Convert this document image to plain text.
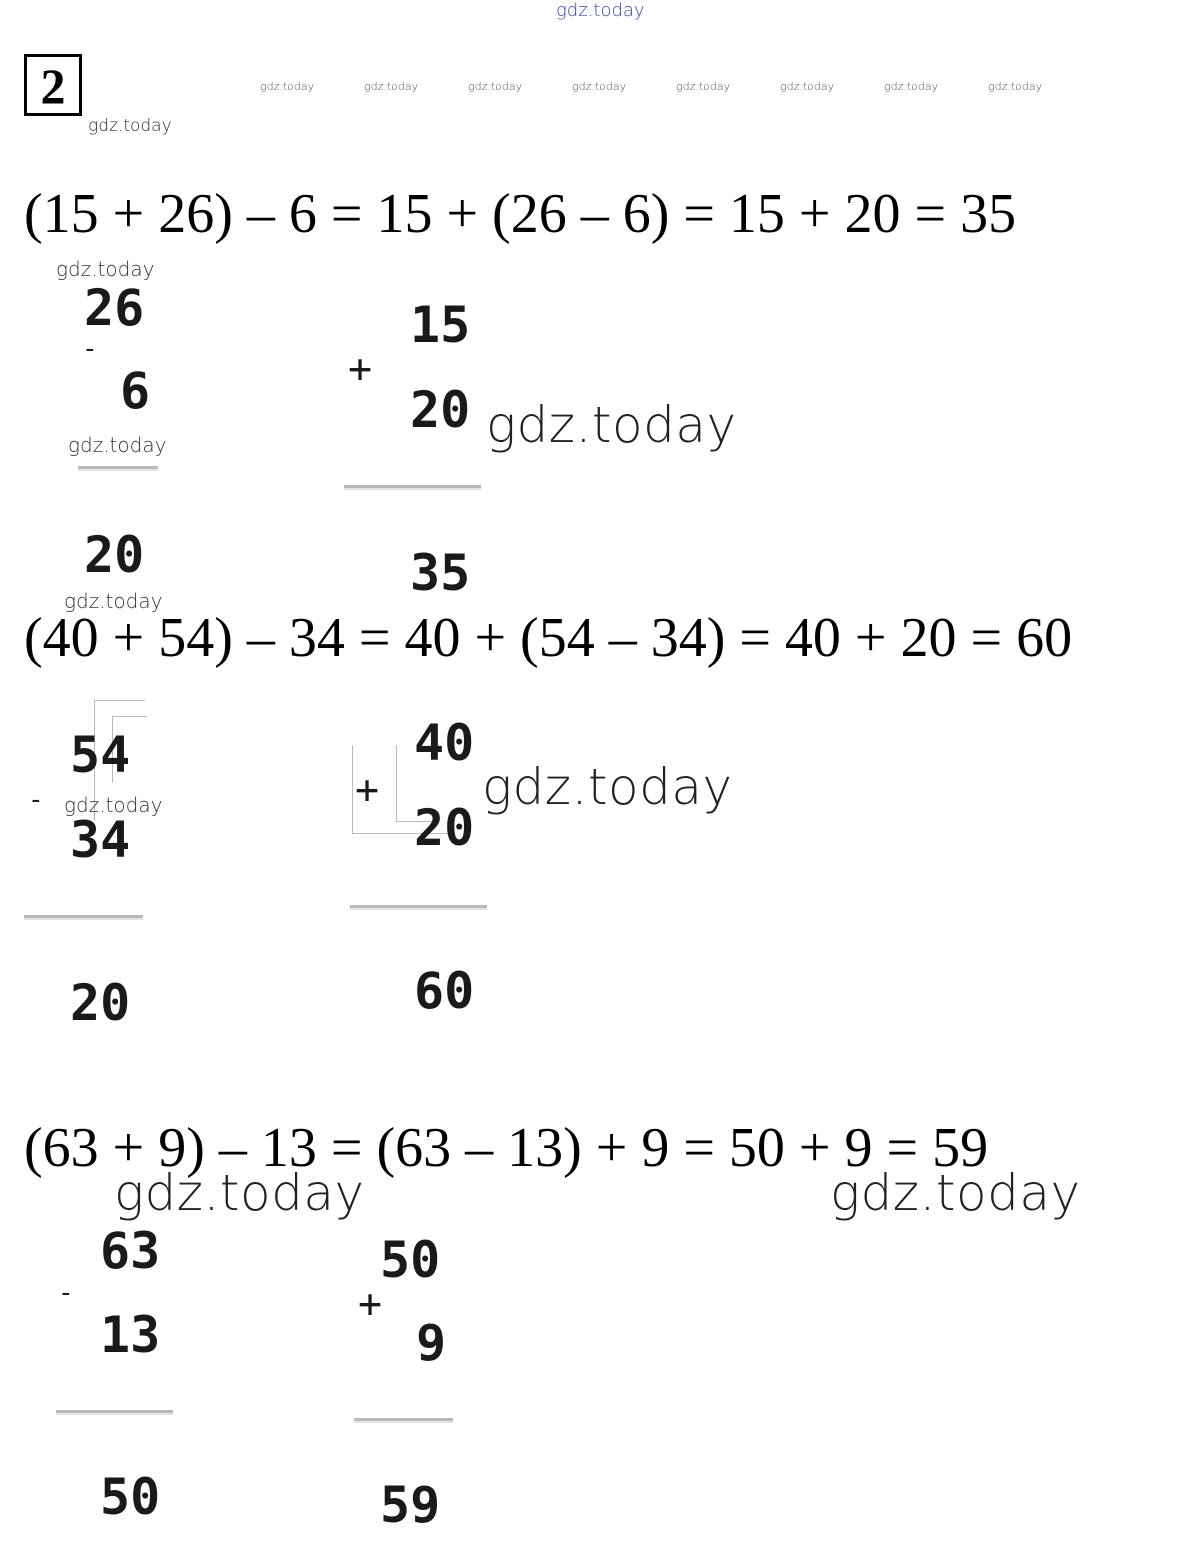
gdz.today
2	gdz.today	gdz.today	gdz.today	gdz.today	gdz.today	gdz.today	gdz.today	gdz.today
gdz.today
(15 + 26) – 6 = 15 + (26 – 6) = 15 + 20 = 35
gdz.today
26
-
6
gdz.today
20
15
+
20 gdz.today
35
gdz.today
(40 + 54) – 34 = 40 + (54 – 34) = 40 + 20 = 60
54
- gdz.today
34
20
40
+ gdz.today
20
60
(63 + 9) – 13 = (63 – 13) + 9 = 50 + 9 = 59
gdz.today	gdz.today
63
-
13
50
50
+
9
59
